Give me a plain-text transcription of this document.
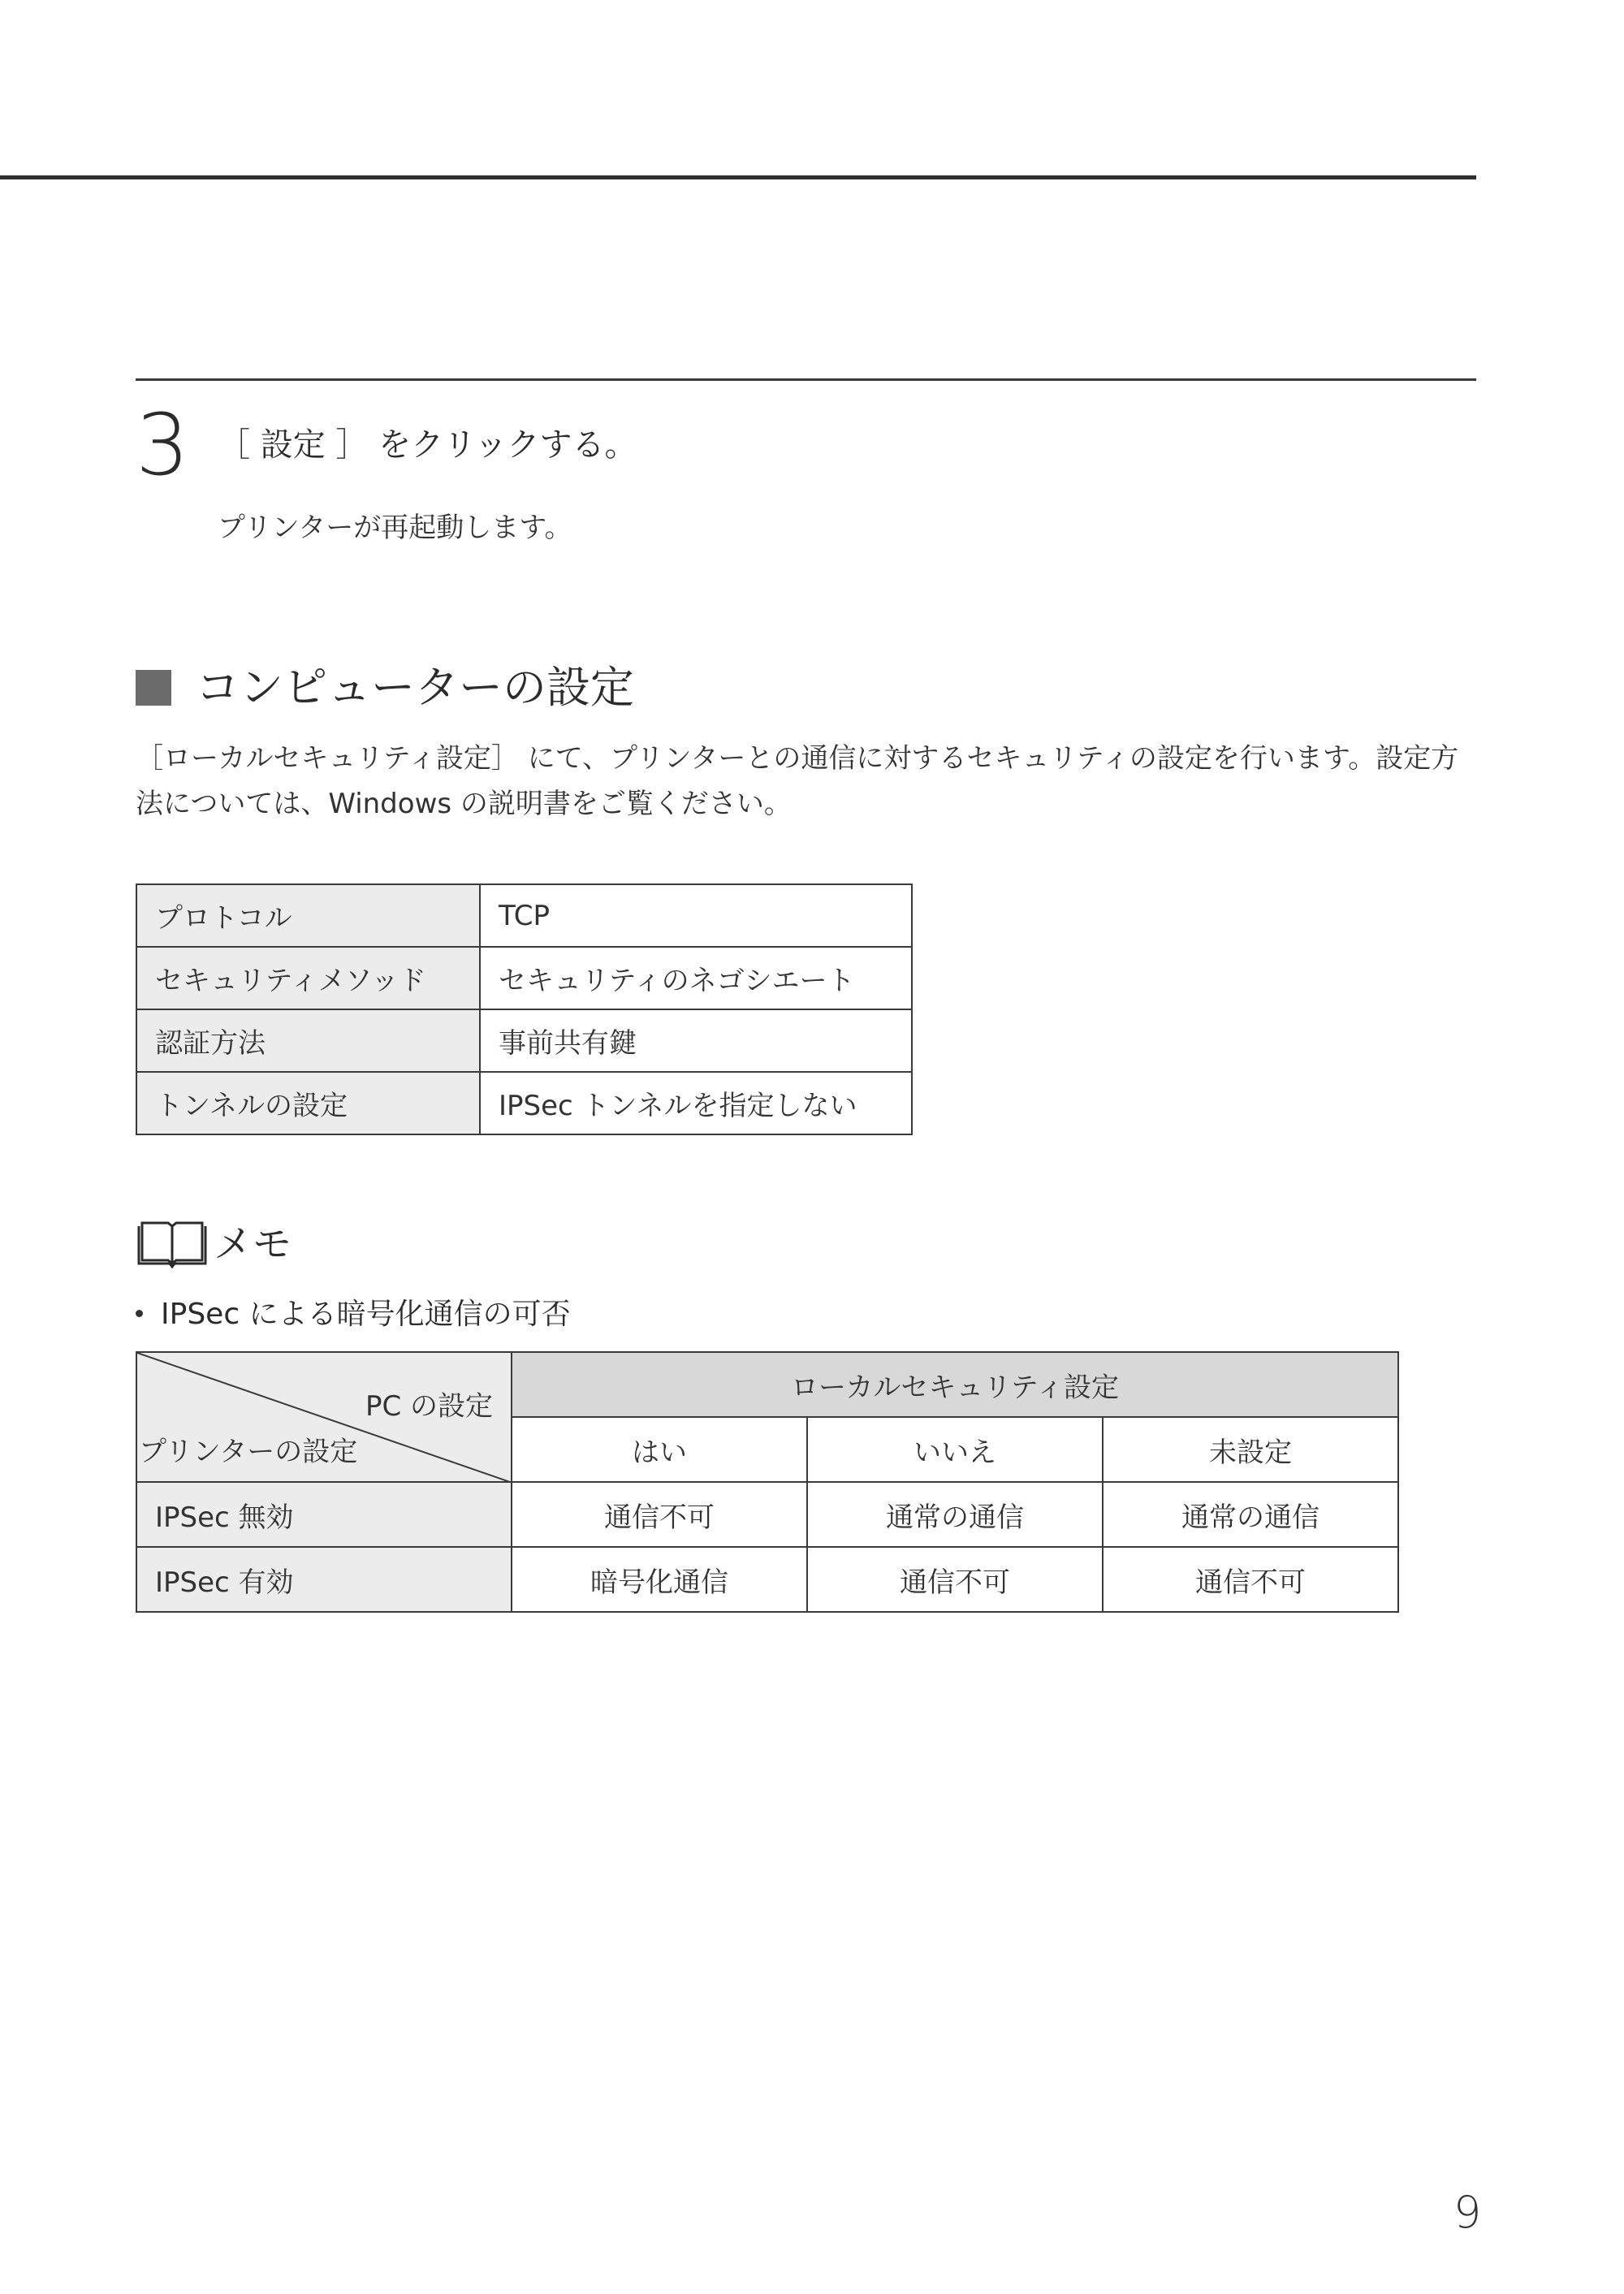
3 ［ 設定 ］ をクリックする。
プリンターが再起動します。
コンピューターの設定
［ローカルセキュリティ設定］ にて、プリンターとの通信に対するセキュリティの設定を行います。設定方
法については、Windows の説明書をご覧ください。
プロトコル	TCP
セキュリティメソッド	セキュリティのネゴシエート
認証方法	事前共有鍵
トンネルの設定	IPSec トンネルを指定しない
メモ
IPSec による暗号化通信の可否
PC の設定
プリンターの設定	ローカルセキュリティ設定		
	はい	いいえ	未設定
IPSec 無効	通信不可	通常の通信	通常の通信
IPSec 有効	暗号化通信	通信不可	通信不可
9
